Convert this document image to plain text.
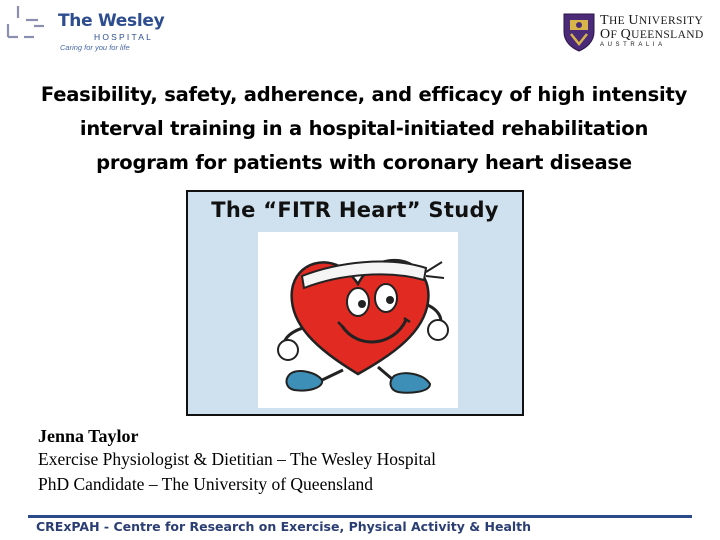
The Wesley
HOSPITAL
Caring for you for life
THE UNIVERSITY
OF QUEENSLAND
AUSTRALIA
Feasibility, safety, adherence, and efficacy of high intensity
interval training in a hospital-initiated rehabilitation
program for patients with coronary heart disease
The “FITR Heart” Study
Jenna Taylor
Exercise Physiologist & Dietitian – The Wesley Hospital
PhD Candidate – The University of Queensland
CRExPAH - Centre for Research on Exercise, Physical Activity & Health
